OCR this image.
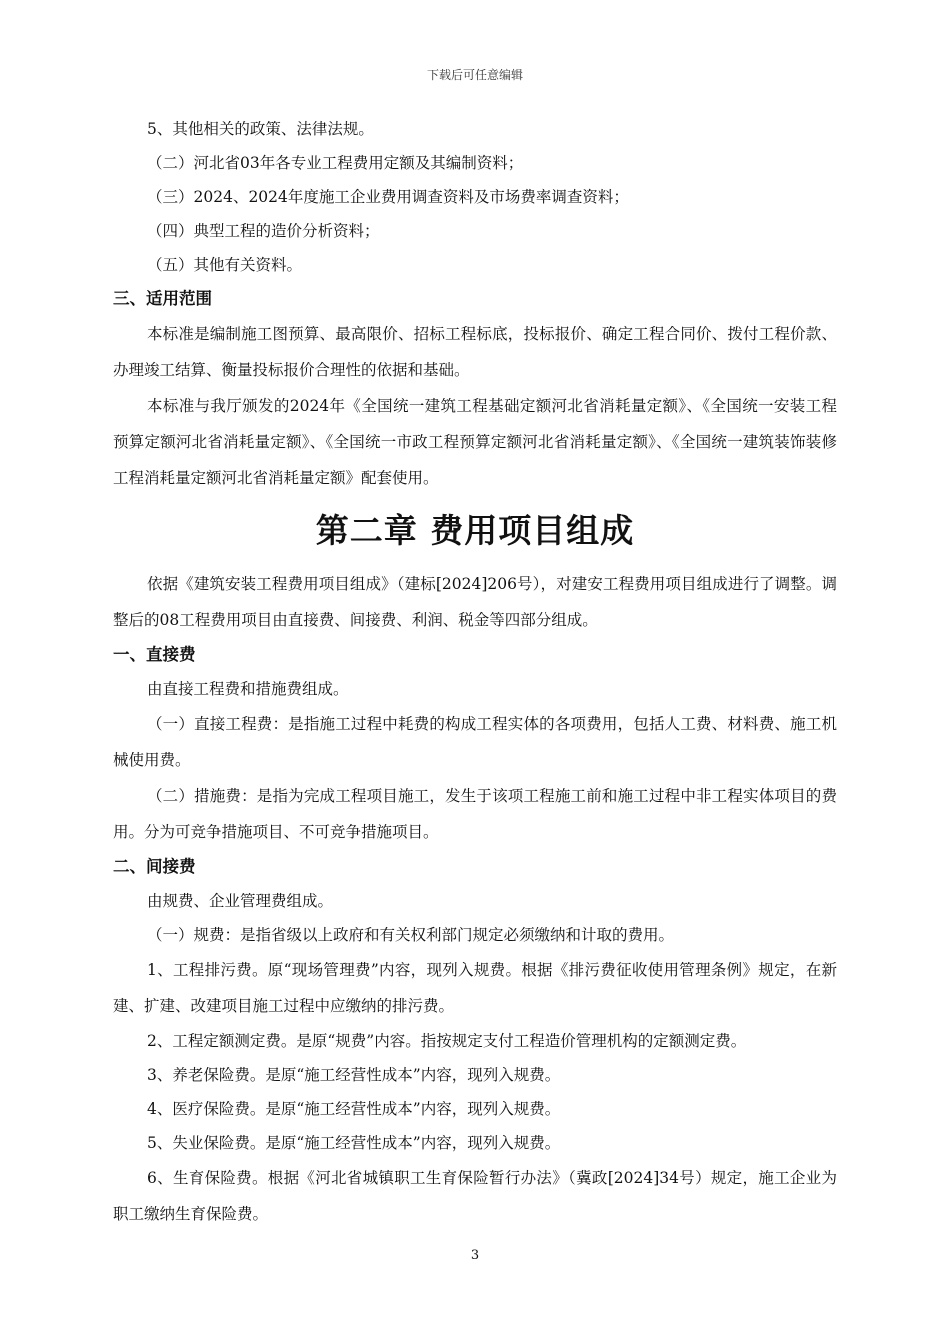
下载后可任意编辑

5、其他相关的政策、法律法规。

（二）河北省03年各专业工程费用定额及其编制资料；

（三）2024、2024年度施工企业费用调查资料及市场费率调查资料；

（四）典型工程的造价分析资料；

（五）其他有关资料。

三、适用范围

本标准是编制施工图预算、最高限价、招标工程标底，投标报价、确定工程合同价、拨付工程价款、办理竣工结算、衡量投标报价合理性的依据和基础。

本标准与我厅颁发的2024年《全国统一建筑工程基础定额河北省消耗量定额》、《全国统一安装工程预算定额河北省消耗量定额》、《全国统一市政工程预算定额河北省消耗量定额》、《全国统一建筑装饰装修工程消耗量定额河北省消耗量定额》配套使用。

第二章 费用项目组成

依据《建筑安装工程费用项目组成》（建标[2024]206号），对建安工程费用项目组成进行了调整。调整后的08工程费用项目由直接费、间接费、利润、税金等四部分组成。

一、直接费

由直接工程费和措施费组成。

（一）直接工程费：是指施工过程中耗费的构成工程实体的各项费用，包括人工费、材料费、施工机械使用费。

（二）措施费：是指为完成工程项目施工，发生于该项工程施工前和施工过程中非工程实体项目的费用。分为可竞争措施项目、不可竞争措施项目。

二、间接费

由规费、企业管理费组成。

（一）规费：是指省级以上政府和有关权利部门规定必须缴纳和计取的费用。

1、工程排污费。原“现场管理费”内容，现列入规费。根据《排污费征收使用管理条例》规定，在新建、扩建、改建项目施工过程中应缴纳的排污费。

2、工程定额测定费。是原“规费”内容。指按规定支付工程造价管理机构的定额测定费。

3、养老保险费。是原“施工经营性成本”内容，现列入规费。

4、医疗保险费。是原“施工经营性成本”内容，现列入规费。

5、失业保险费。是原“施工经营性成本”内容，现列入规费。

6、生育保险费。根据《河北省城镇职工生育保险暂行办法》（冀政[2024]34号）规定，施工企业为职工缴纳生育保险费。

3
